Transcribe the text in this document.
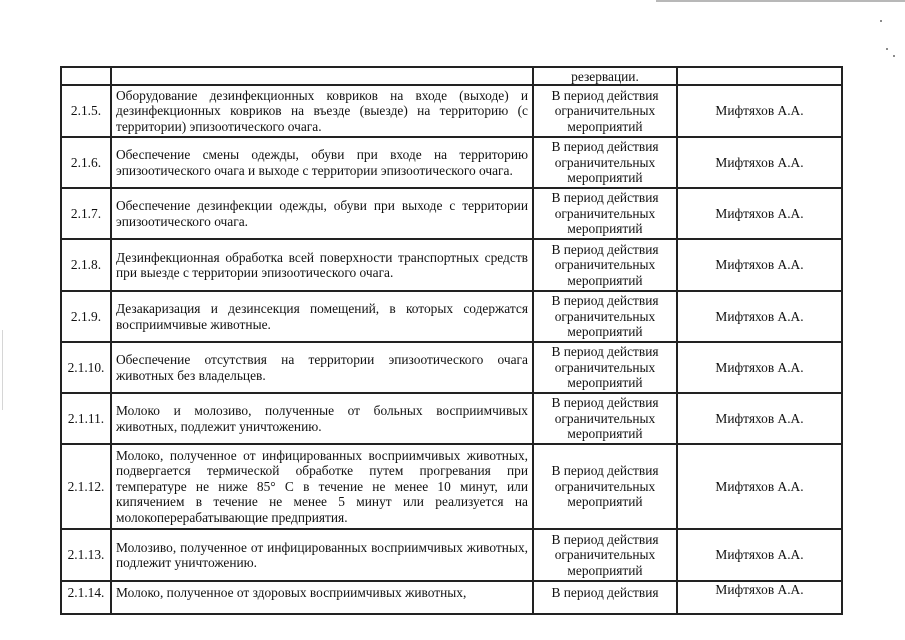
		резервации.	
2.1.5.	Оборудование дезинфекционных ковриков на входе (выходе) и дезинфекционных ковриков на въезде (выезде) на территорию (с территории) эпизоотического очага.	В период действия ограничительных мероприятий	Мифтяхов А.А.
2.1.6.	Обеспечение смены одежды, обуви при входе на территорию эпизоотического очага и выходе с территории эпизоотического очага.	В период действия ограничительных мероприятий	Мифтяхов А.А.
2.1.7.	Обеспечение дезинфекции одежды, обуви при выходе с территории эпизоотического очага.	В период действия ограничительных мероприятий	Мифтяхов А.А.
2.1.8.	Дезинфекционная обработка всей поверхности транспортных средств при выезде с территории эпизоотического очага.	В период действия ограничительных мероприятий	Мифтяхов А.А.
2.1.9.	Дезакаризация и дезинсекция помещений, в которых содержатся восприимчивые животные.	В период действия ограничительных мероприятий	Мифтяхов А.А.
2.1.10.	Обеспечение отсутствия на территории эпизоотического очага животных без владельцев.	В период действия ограничительных мероприятий	Мифтяхов А.А.
2.1.11.	Молоко и молозиво, полученные от больных восприимчивых животных, подлежит уничтожению.	В период действия ограничительных мероприятий	Мифтяхов А.А.
2.1.12.	Молоко, полученное от инфицированных восприимчивых животных, подвергается термической обработке путем прогревания при температуре не ниже 85° С в течение не менее 10 минут, или кипячением в течение не менее 5 минут или реализуется на молокоперерабатывающие предприятия.	В период действия ограничительных мероприятий	Мифтяхов А.А.
2.1.13.	Молозиво, полученное от инфицированных восприимчивых животных, подлежит уничтожению.	В период действия ограничительных мероприятий	Мифтяхов А.А.
2.1.14.	Молоко, полученное от здоровых восприимчивых животных,	В период действия	Мифтяхов А.А.
